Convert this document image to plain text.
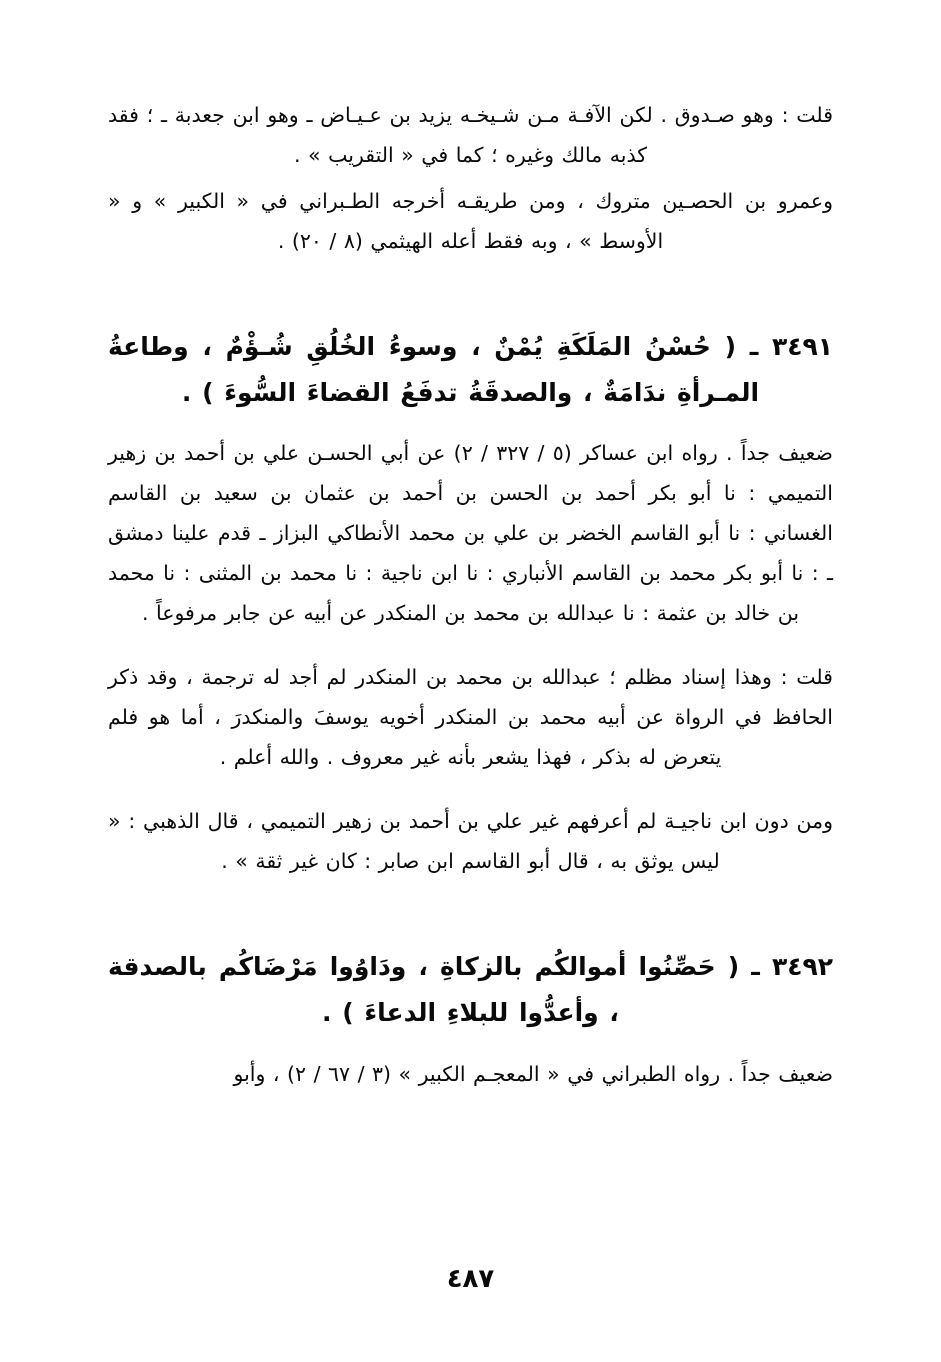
قلت : وهو صـدوق . لكن الآفـة مـن شـيخـه يزيد بن عـيـاض ـ وهو ابن جعدبة ـ ؛ فقد كذبه مالك وغيره ؛ كما في « التقريب » .

وعمرو بن الحصـين متروك ، ومن طريقـه أخرجه الطـبراني في « الكبير » و « الأوسط » ، وبه فقط أعله الهيثمي (٨ / ٢٠) .

٣٤٩١ ـ ( حُسْنُ المَلَكَةِ يُمْنٌ ، وسوءُ الخُلُقِ شُـؤْمٌ ، وطاعةُ المـرأةِ ندَامَةٌ ، والصدقَةُ تدفَعُ القضاءَ السُّوءَ ) .

ضعيف جداً . رواه ابن عساكر (٥ / ٣٢٧ / ٢) عن أبي الحسـن علي بن أحمد بن زهير التميمي : نا أبو بكر أحمد بن الحسن بن أحمد بن عثمان بن سعيد بن القاسم الغساني : نا أبو القاسم الخضر بن علي بن محمد الأنطاكي البزاز ـ قدم علينا دمشق ـ : نا أبو بكر محمد بن القاسم الأنباري : نا ابن ناجية : نا محمد بن المثنى : نا محمد بن خالد بن عثمة : نا عبدالله بن محمد بن المنكدر عن أبيه عن جابر مرفوعاً .

قلت : وهذا إسناد مظلم ؛ عبدالله بن محمد بن المنكدر لم أجد له ترجمة ، وقد ذكر الحافظ في الرواة عن أبيه محمد بن المنكدر أخويه يوسفَ والمنكدرَ ، أما هو فلم يتعرض له بذكر ، فهذا يشعر بأنه غير معروف . والله أعلم .

ومن دون ابن ناجيـة لم أعرفهم غير علي بن أحمد بن زهير التميمي ، قال الذهبي : « ليس يوثق به ، قال أبو القاسم ابن صابر : كان غير ثقة » .

٣٤٩٢ ـ ( حَصِّنُوا أموالكُم بالزكاةِ ، ودَاوُوا مَرْضَاكُم بالصدقة ، وأعدُّوا للبلاءِ الدعاءَ ) .

ضعيف جداً . رواه الطبراني في « المعجـم الكبير » (٣ / ٦٧ / ٢) ، وأبو

٤٨٧
